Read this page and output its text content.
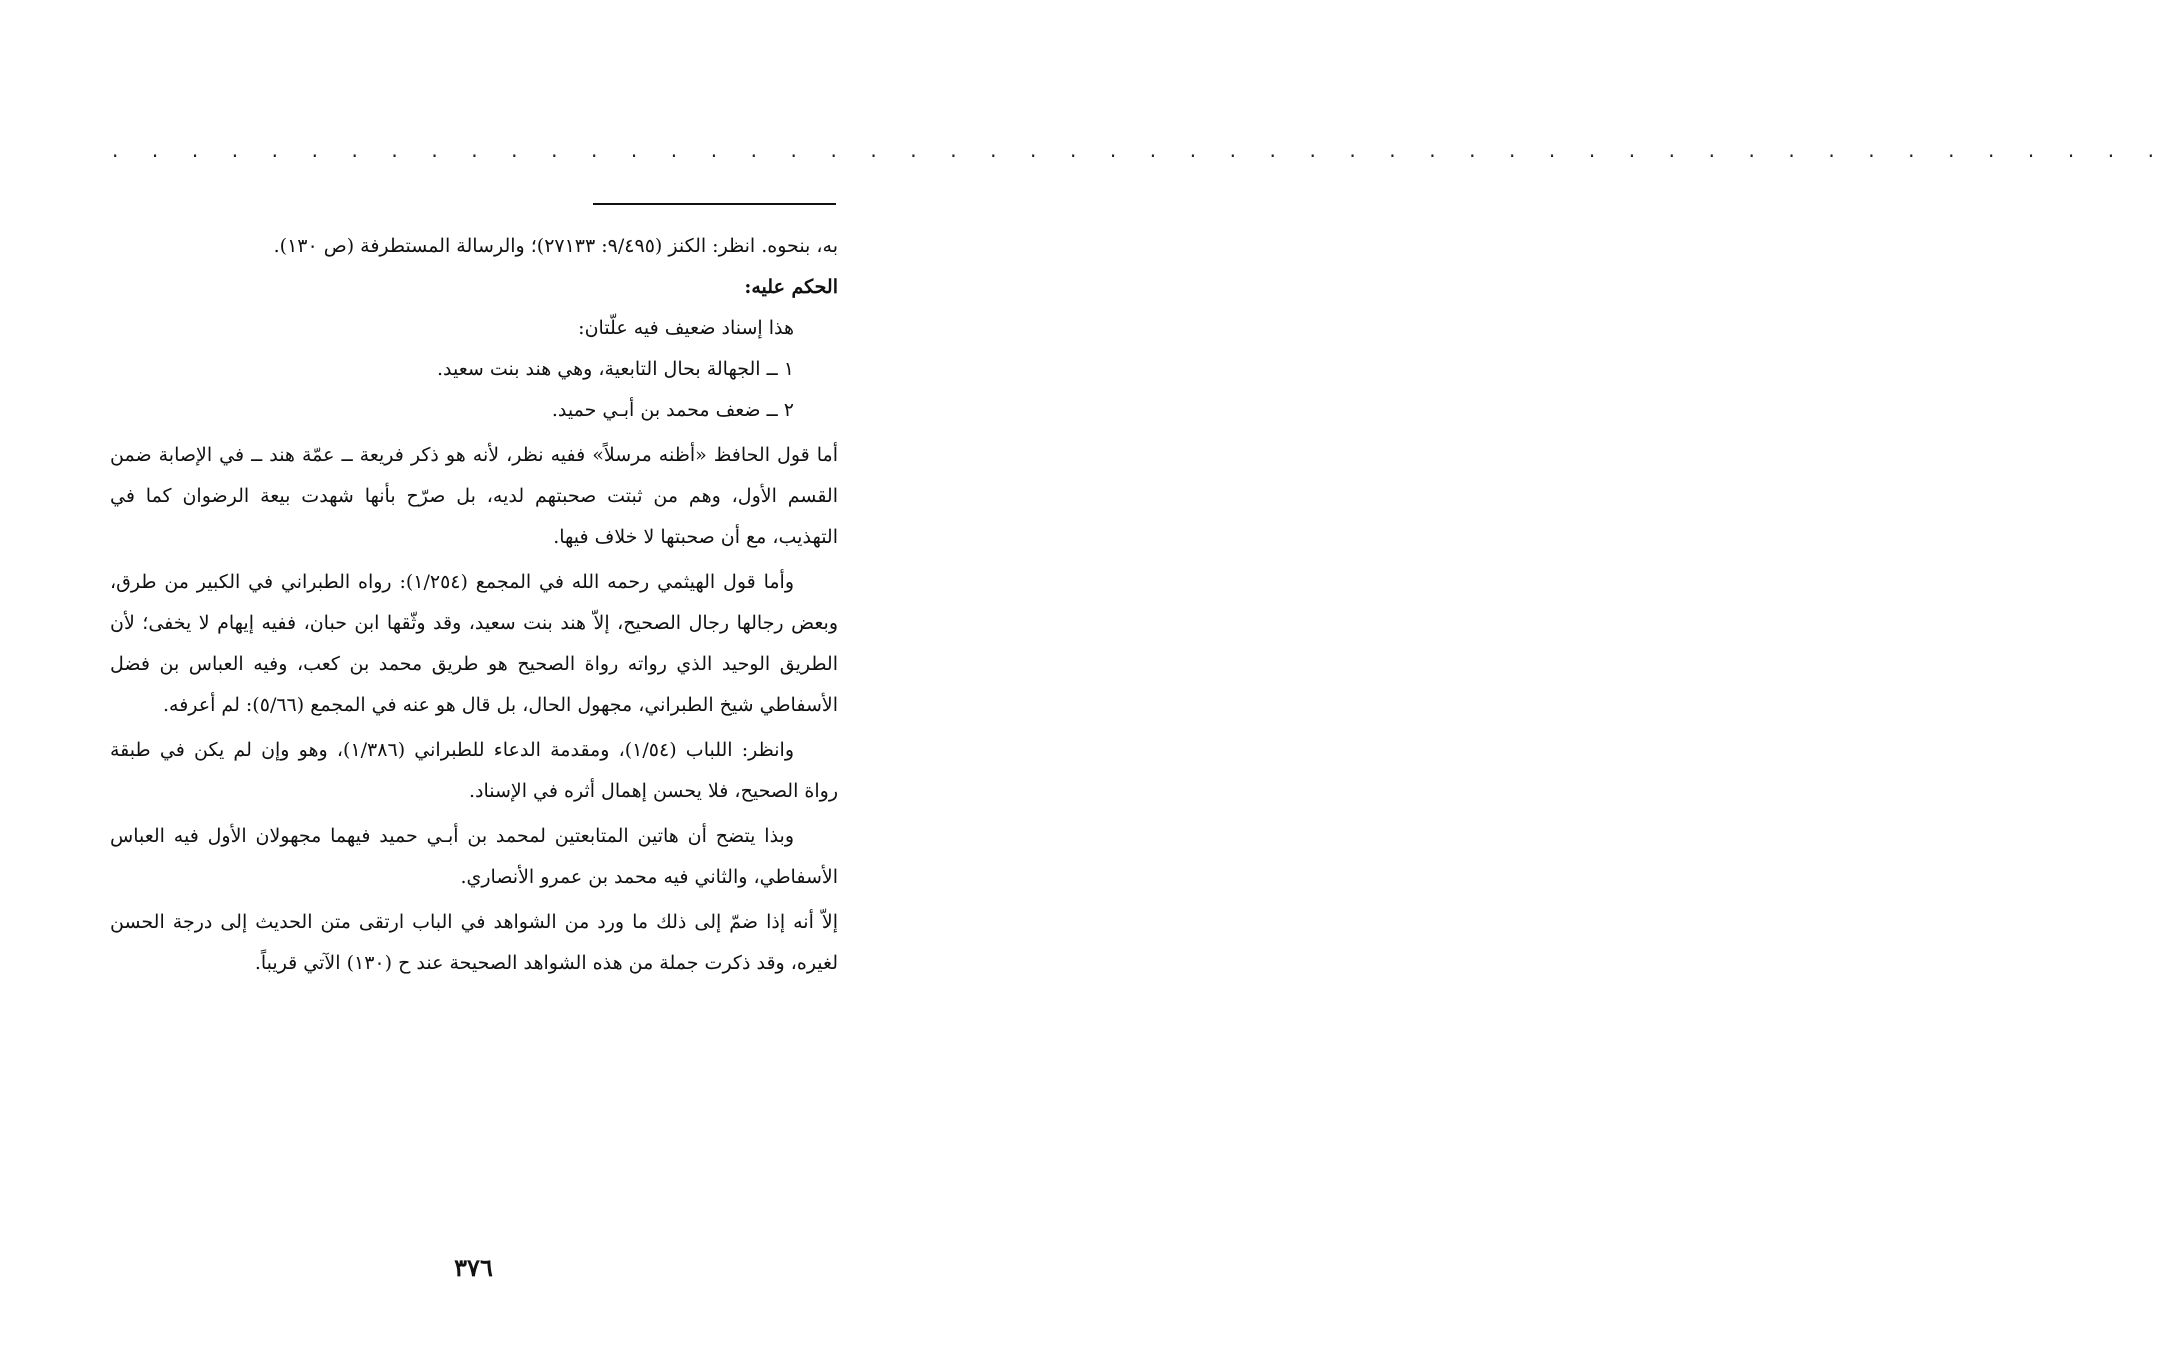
. . . . . . . . . . . . . . . . . . . . . . . . . . . . . . . . . . . . . . . . . . . . . . . . . . . .

به، بنحوه. انظر: الكنز (٩/٤٩٥: ٢٧١٣٣)؛ والرسالة المستطرفة (ص ١٣٠).

الحكم عليه:

هذا إسناد ضعيف فيه علّتان:

١ ــ الجهالة بحال التابعية، وهي هند بنت سعيد.

٢ ــ ضعف محمد بن أبـي حميد.

أما قول الحافظ «أظنه مرسلاً» ففيه نظر، لأنه هو ذكر فريعة ــ عمّة هند ــ في الإصابة ضمن القسم الأول، وهم من ثبتت صحبتهم لديه، بل صرّح بأنها شهدت بيعة الرضوان كما في التهذيب، مع أن صحبتها لا خلاف فيها.

وأما قول الهيثمي رحمه الله في المجمع (١/٢٥٤): رواه الطبراني في الكبير من طرق، وبعض رجالها رجال الصحيح، إلاّ هند بنت سعيد، وقد وثّقها ابن حبان، ففيه إيهام لا يخفى؛ لأن الطريق الوحيد الذي رواته رواة الصحيح هو طريق محمد بن كعب، وفيه العباس بن فضل الأسفاطي شيخ الطبراني، مجهول الحال، بل قال هو عنه في المجمع (٥/٦٦): لم أعرفه.

وانظر: اللباب (١/٥٤)، ومقدمة الدعاء للطبراني (١/٣٨٦)، وهو وإن لم يكن في طبقة رواة الصحيح، فلا يحسن إهمال أثره في الإسناد.

وبذا يتضح أن هاتين المتابعتين لمحمد بن أبـي حميد فيهما مجهولان الأول فيه العباس الأسفاطي، والثاني فيه محمد بن عمرو الأنصاري.

إلاّ أنه إذا ضمّ إلى ذلك ما ورد من الشواهد في الباب ارتقى متن الحديث إلى درجة الحسن لغيره، وقد ذكرت جملة من هذه الشواهد الصحيحة عند ح (١٣٠) الآتي قريباً.

٣٧٦
